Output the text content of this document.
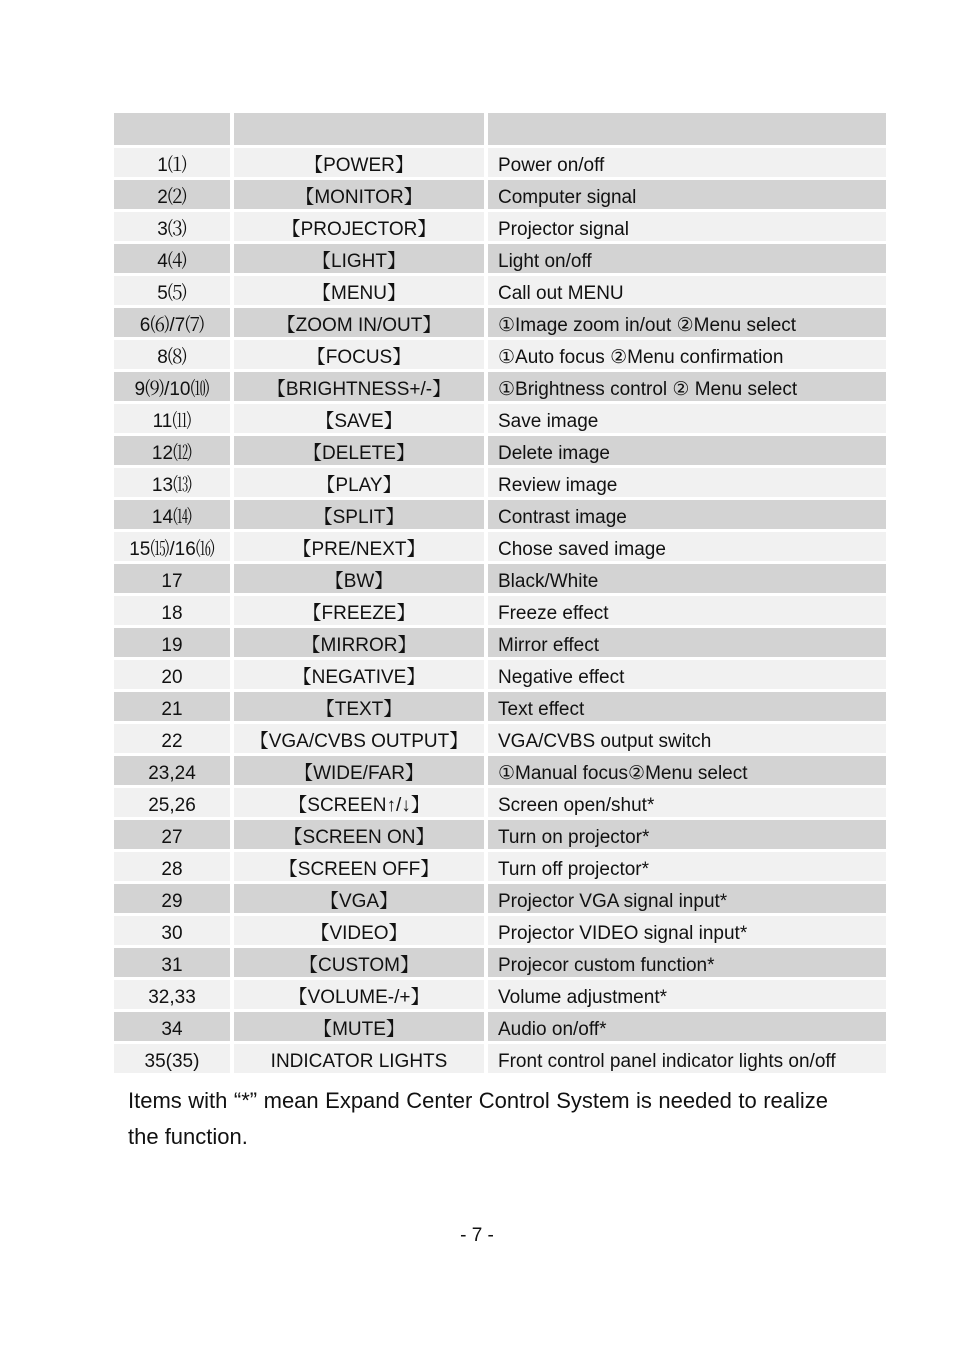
1⑴	【POWER】	Power on/off
2⑵	【MONITOR】	Computer signal
3⑶	【PROJECTOR】	Projector signal
4⑷	【LIGHT】	Light on/off
5⑸	【MENU】	Call out MENU
6⑹/7⑺	【ZOOM IN/OUT】	①Image zoom in/out ②Menu select
8⑻	【FOCUS】	①Auto focus ②Menu confirmation
9⑼/10⑽	【BRIGHTNESS+/-】	①Brightness control ② Menu select
11⑾	【SAVE】	Save image
12⑿	【DELETE】	Delete image
13⒀	【PLAY】	Review image
14⒁	【SPLIT】	Contrast image
15⒂/16⒃	【PRE/NEXT】	Chose saved image
17	【BW】	Black/White
18	【FREEZE】	Freeze effect
19	【MIRROR】	Mirror effect
20	【NEGATIVE】	Negative effect
21	【TEXT】	Text effect
22	【VGA/CVBS OUTPUT】	VGA/CVBS output switch
23,24	【WIDE/FAR】	①Manual focus②Menu select
25,26	【SCREEN↑/↓】	Screen open/shut*
27	【SCREEN ON】	Turn on projector*
28	【SCREEN OFF】	Turn off projector*
29	【VGA】	Projector VGA signal input*
30	【VIDEO】	Projector VIDEO signal input*
31	【CUSTOM】	Projecor custom function*
32,33	【VOLUME-/+】	Volume adjustment*
34	【MUTE】	Audio on/off*
35(35)	INDICATOR LIGHTS	Front control panel indicator lights on/off
Items with “*” mean Expand Center Control System is needed to realize the function.
- 7 -
